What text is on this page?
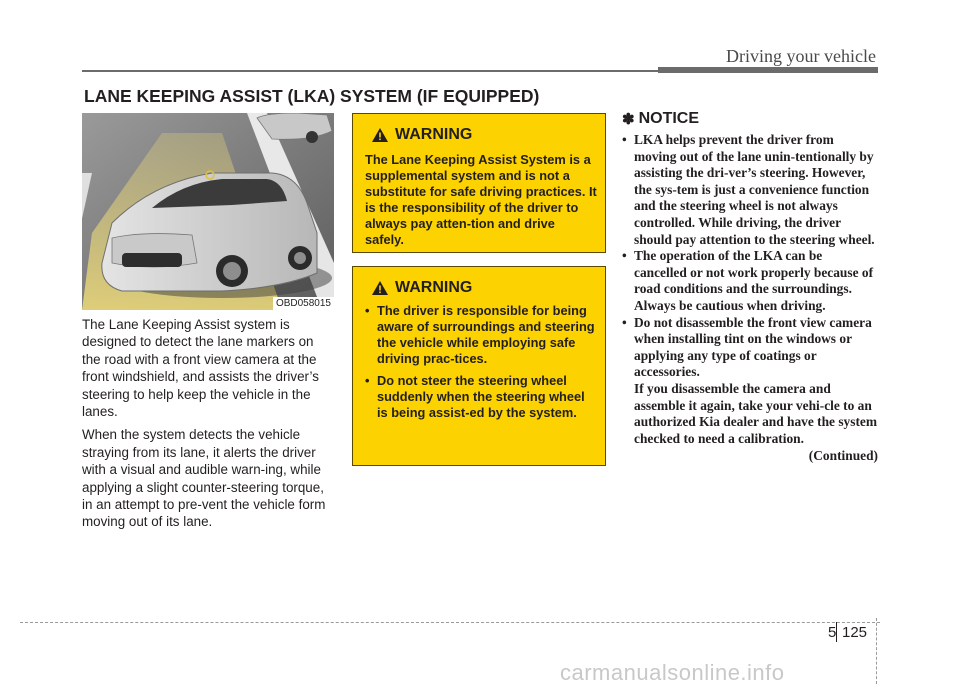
Driving your vehicle
LANE KEEPING ASSIST (LKA) SYSTEM (IF EQUIPPED)
OBD058015

The Lane Keeping Assist system is designed to detect the lane markers on the road with a front view camera at the front windshield, and assists the driver’s steering to help keep the vehicle in the lanes.

When the system detects the vehicle straying from its lane, it alerts the driver with a visual and audible warn-ing, while applying a slight counter-steering torque, in an attempt to pre-vent the vehicle form moving out of its lane.

WARNING
The Lane Keeping Assist System is a supplemental system and is not a substitute for safe driving practices. It is the responsibility of the driver to always pay atten-tion and drive safely.
WARNING
• The driver is responsible for being aware of surroundings and steering the vehicle while employing safe driving prac-tices.
• Do not steer the steering wheel suddenly when the steering wheel is being assist-ed by the system.
✽ NOTICE
• LKA helps prevent the driver from moving out of the lane unin-tentionally by assisting the dri-ver’s steering. However, the sys-tem is just a convenience function and the steering wheel is not always controlled. While driving, the driver should pay attention to the steering wheel.
• The operation of the LKA can be cancelled or not work properly because of road conditions and the surroundings. Always be cautious when driving.
• Do not disassemble the front view camera when installing tint on the windows or applying any type of coatings or accessories.
If you disassemble the camera and assemble it again, take your vehi-cle to an authorized Kia dealer and have the system checked to need a calibration.
(Continued)
5 125
carmanualsonline.info
